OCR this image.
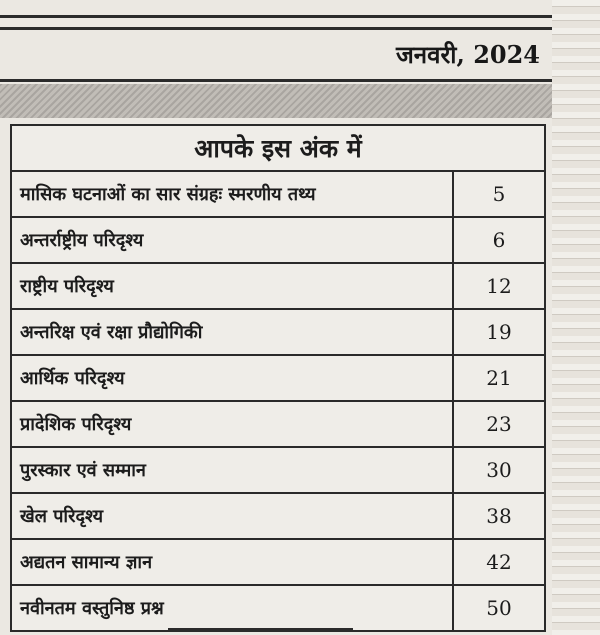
जनवरी, 2024
आपके इस अंक में
मासिक घटनाओं का सार संग्रहः स्मरणीय तथ्य	5
अन्तर्राष्ट्रीय परिदृश्य	6
राष्ट्रीय परिदृश्य	12
अन्तरिक्ष एवं रक्षा प्रौद्योगिकी	19
आर्थिक परिदृश्य	21
प्रादेशिक परिदृश्य	23
पुरस्कार एवं सम्मान	30
खेल परिदृश्य	38
अद्यतन सामान्य ज्ञान	42
नवीनतम वस्तुनिष्ठ प्रश्न	50
